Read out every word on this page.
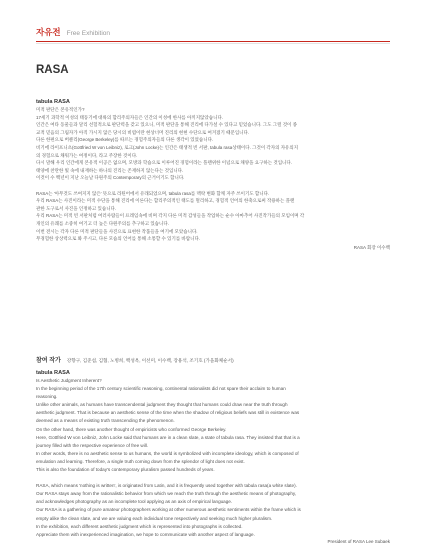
자유전 Free Exhibition
RASA
tabula RASA

미적 판단은 본유적인가?

17세기 과학적 이성의 태동기에 대륙의 합리주의자들은 인간의 이성에 한사를 아끼지않았습니다.

인간은 여타 동물들과 달리 선험적으로 판단력을 갖고 있으니, 미적 판단을 통해 진리에 다가설 수 있다고 믿었습니다. 그도 그럴 것이 종

교적 믿음의 그림자가 아직 가시지 않은 당시의 비엽이란 현상너머 진리의 현현 수단으로 여겨졌기 때문입니다.

다른 한편으로 버클리(George Berkeley)를 따르는 경험주의자들의 다른 생각이 있었습니다.

비기에 라이프니츠(Gottfried W von Leibniz), 로크(John Locke)는 인간은 태생적 빈 서판, tabula rasa상태이다. 그것이 각자의 자유의지

의 경험으로 채워가는 여정이다, 라고 주장한 것이다.

다시 말해 우리 인간에게 본유적 이공은 없으며, 모방과 학습으로 이루어진 경험이라는 플랜위한 이념으로 채양을 요구하는 것입니다.

태양에 찬란한 빛 속에 내재하는 하나의 진리는 존재하지 않는다는 것입니다.

이것이 수 백년이 지난 오늘날 다원주의 Contemporary의 근거이기도 합니다.

RASA는 '아무것도 쓰여지지 않은' 뜻으로 라틴어에서 유래되었으며, tabula rasa를 맥락 변화 함께 자주 쓰이기도 합니다.

우리 RASA는 사진이라는 미적 수단을 통해 진리에 이른다는 합리주의적인 태도를 멀리하고, 경험적 언어의 한축으로써 작용하는 플랜

관한 도구로서 사진을 인정하고 있습니다.

우리 RASA는 미적 빈 서판처럼 여러사람들이 프레임속에 비며 각지 다른 미적 감성들을 작업하는 순수 아마추어 사진작가들의 모임이며 각

개인의 유쾌를 소중히 여기고 더 높은 다원주의를 추구하고 있습니다.

이번 전시는 각자 다른 미적 판단들을 사진으로 표현한 작품들을 여기에 모았습니다.

무경험한 상상력으로 봐 주시고, 다른 모습의 언어를 통해 소통할 수 있기를 바랍니다.

RASA 회장 이수백
참여 작가 강향구, 김준섭, 김협, 노병희, 백성옥, 이선미, 이수백, 장용석, 조기호 (가을화체순서)
tabula RASA

Is Aesthetic Judgment Inherent?

In the beginning period of the 17th century scientific reasoning, continental rationalists did not spare their acclaim to human

reasoning.

Unlike other animals, as humans have transcendental judgment they thought that humans could draw near the truth through

aesthetic judgment. That is because an aesthetic sense of the time when the shadow of religious beliefs was still in existence was

deemed as a means of existing truth transcending the phenomenon.

On the other hand, there was another thought of empiricists who conformed George Berkeley.

Here, Gottfried W von Leibniz, John Locke said that humans are in a clean slate, a state of tabula rasa. They insisted that that is a

journey filled with the respective experience of free will.

In other words, there is no aesthetic sense to us humans, the world is symbolized with incomplete ideology, which is composed of

emulation and learning. Therefore, a single truth coming down from the splendor of light does not exist.

This is also the foundation of today's contemporary pluralism passed hundreds of years.

RASA, which means 'nothing is written', is originated from Latin, and it is frequently used together with tabula rasa(a white slate).

Our RASA stays away from the rationalistic behavior from which we reach the truth through the aesthetic means of photography,

and acknowledges photography as an incomplete tool applying as an axis of empirical language.

Our RASA is a gathering of pure amateur photographers working at other numerous aesthetic sentiments within the frame which is

empty alike the clean slate, and we are valuing each individual tone respectively and seeking much higher pluralism.

In the exhibition, each different aesthetic judgment which is represented into photographs is collected.

Appreciate them with inexperienced imagination, we hope to communicate with another aspect of language.

President of RASA Lee Subaek
